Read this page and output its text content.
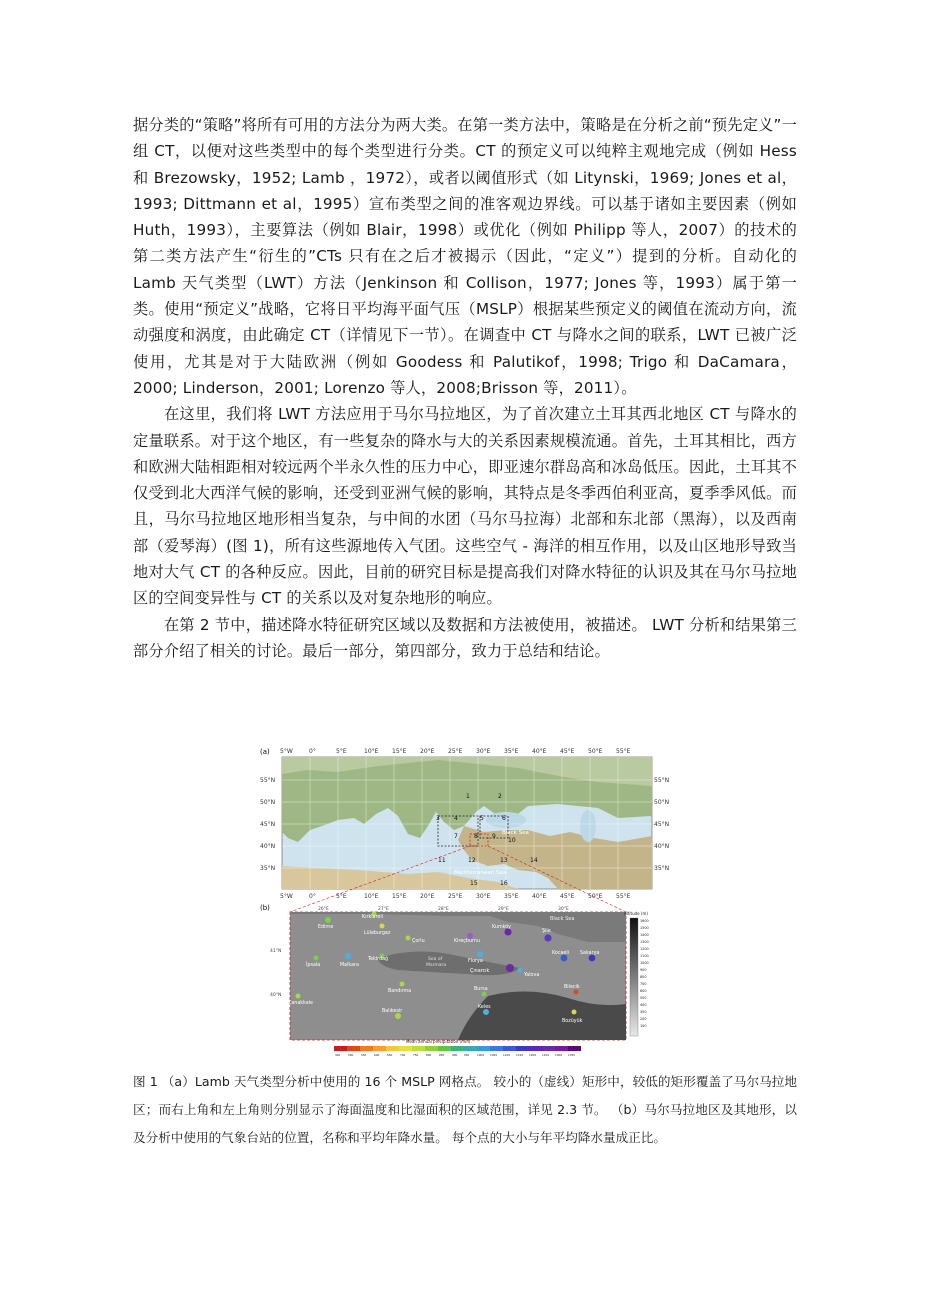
据分类的“策略”将所有可用的方法分为两大类。在第一类方法中，策略是在分析之前“预先定义”一组 CT，以便对这些类型中的每个类型进行分类。CT 的预定义可以纯粹主观地完成（例如 Hess 和 Brezowsky，1952; Lamb ，1972），或者以阈值形式（如 Litynski，1969; Jones et al，1993; Dittmann et al，1995）宣布类型之间的准客观边界线。可以基于诸如主要因素（例如 Huth，1993），主要算法（例如 Blair，1998）或优化（例如 Philipp 等人，2007）的技术的第二类方法产生“衍生的”CTs 只有在之后才被揭示（因此，“定义”）提到的分析。自动化的 Lamb 天气类型（LWT）方法（Jenkinson 和 Collison，1977; Jones 等，1993）属于第一类。使用“预定义”战略，它将日平均海平面气压（MSLP）根据某些预定义的阈值在流动方向，流动强度和涡度，由此确定 CT（详情见下一节）。在调查中 CT 与降水之间的联系，LWT 已被广泛使用，尤其是对于大陆欧洲（例如 Goodess 和 Palutikof，1998; Trigo 和 DaCamara，2000; Linderson，2001; Lorenzo 等人，2008;Brisson 等，2011）。

在这里，我们将 LWT 方法应用于马尔马拉地区，为了首次建立土耳其西北地区 CT 与降水的定量联系。对于这个地区，有一些复杂的降水与大的关系因素规模流通。首先，土耳其相比，西方和欧洲大陆相距相对较远两个半永久性的压力中心，即亚速尔群岛高和冰岛低压。因此，土耳其不仅受到北大西洋气候的影响，还受到亚洲气候的影响，其特点是冬季西伯利亚高，夏季季风低。而且，马尔马拉地区地形相当复杂，与中间的水团（马尔马拉海）北部和东北部（黑海），以及西南部（爱琴海）(图 1)，所有这些源地传入气团。这些空气 - 海洋的相互作用，以及山区地形导致当地对大气 CT 的各种反应。因此，目前的研究目标是提高我们对降水特征的认识及其在马尔马拉地区的空间变异性与 CT 的关系以及对复杂地形的响应。

在第 2 节中，描述降水特征研究区域以及数据和方法被使用，被描述。 LWT 分析和结果第三部分介绍了相关的讨论。最后一部分，第四部分，致力于总结和结论。

(a) 5°W	0°	5°E	10°E 15°E 20°E 25°E 30°E 35°E 40°E 45°E 50°E 55°E
55°N
50°N
45°N
40°N
35°N
55°N
50°N
45°N
40°N
35°N
1	2
3 4	5	6
7	8 9
10
11	12	13	14
15	16
Black Sea
Mediterranean Sea
5°W	0°	5°E	10°E 15°E 20°E 25°E 30°E 35°E 40°E 45°E 50°E 55°E
(b)	26°E	27°E	28°E	29°E	30°E
41°N
40°N
Black Sea
Sea of
Marmara
Edirne
Kırklareli
Lüleburgaz
Çorlu	Kireçburnu
Kumköy
Şile
İpsala	Malkara
Tekirdağ	Florya
Kocaeli Sakarya
Çınarcık
Yalova
Bandırma	Bursa	Bilecik
Çanakkale
Balıkesir
Keles
Bozüyük
Altitude (m)
1600
1500
1400
1300
1200
1100
1000
900
800
700
600
500
400
300
200
100
Mean annual precipitation (mm)
450	500	550	600	650	700	750	800	850	900 950	1000 1050 1100 1150 1200 1250 1300 1350

图 1 （a）Lamb 天气类型分析中使用的 16 个 MSLP 网格点。 较小的（虚线）矩形中，较低的矩形覆盖了马尔马拉地区；而右上角和左上角则分别显示了海面温度和比湿面积的区域范围，详见 2.3 节。 （b）马尔马拉地区及其地形，以及分析中使用的气象台站的位置，名称和平均年降水量。 每个点的大小与年平均降水量成正比。
